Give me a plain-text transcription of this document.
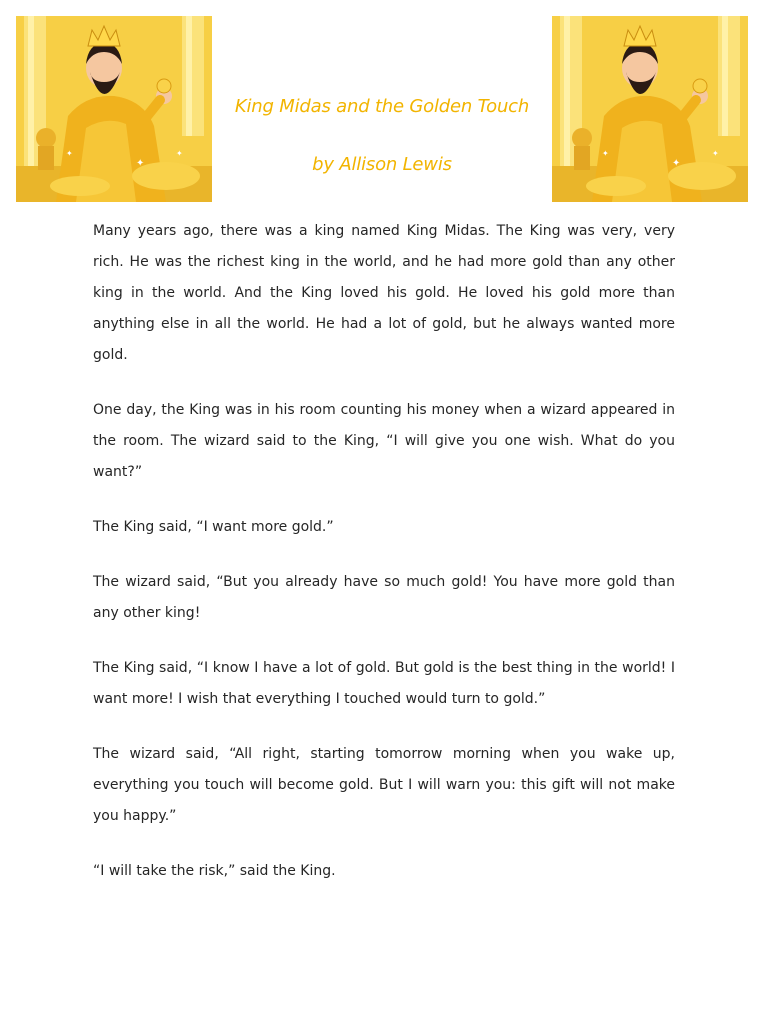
✦
✦
✦
King Midas and the Golden Touch
by Allison Lewis	✦
✦
✦

Many years ago, there was a king named King Midas. The King was very, very rich. He was the richest king in the world, and he had more gold than any other king in the world. And the King loved his gold. He loved his gold more than anything else in all the world. He had a lot of gold, but he always wanted more gold.

One day, the King was in his room counting his money when a wizard appeared in the room. The wizard said to the King, “I will give you one wish. What do you want?”

The King said, “I want more gold.”

The wizard said, “But you already have so much gold! You have more gold than any other king!

The King said, “I know I have a lot of gold. But gold is the best thing in the world! I want more! I wish that everything I touched would turn to gold.”

The wizard said, “All right, starting tomorrow morning when you wake up, everything you touch will become gold. But I will warn you: this gift will not make you happy.”

“I will take the risk,” said the King.
